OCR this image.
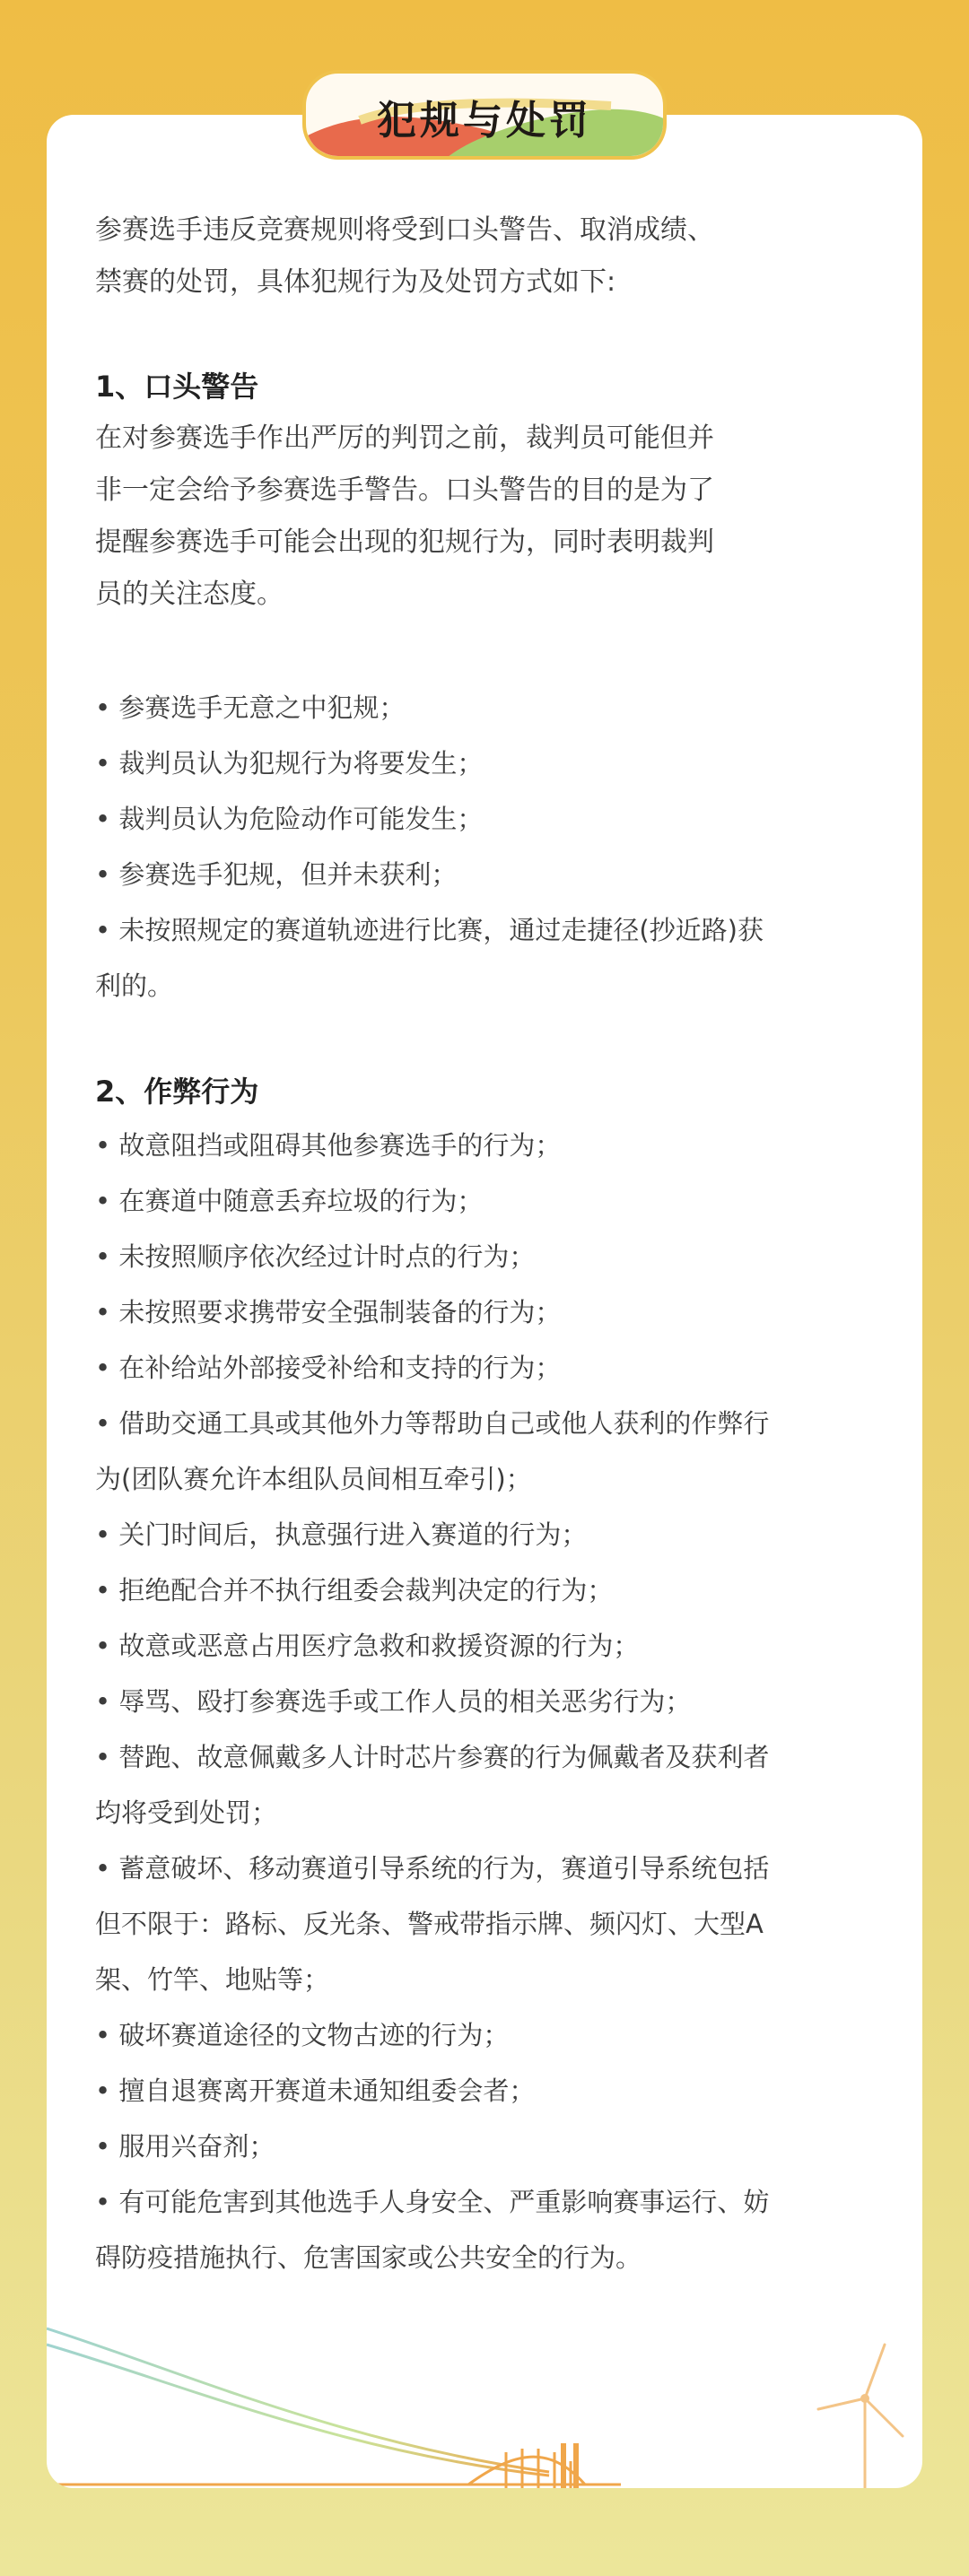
犯规与处罚

参赛选手违反竞赛规则将受到口头警告、取消成绩、

禁赛的处罚，具体犯规行为及处罚方式如下:

1、口头警告

在对参赛选手作出严厉的判罚之前，裁判员可能但并

非一定会给予参赛选手警告。口头警告的目的是为了

提醒参赛选手可能会出现的犯规行为，同时表明裁判

员的关注态度。

• 参赛选手无意之中犯规；
• 裁判员认为犯规行为将要发生；
• 裁判员认为危险动作可能发生；
• 参赛选手犯规，但并未获利；
• 未按照规定的赛道轨迹进行比赛，通过走捷径(抄近路)获
利的。

2、作弊行为

• 故意阻挡或阻碍其他参赛选手的行为；
• 在赛道中随意丢弃垃圾的行为；
• 未按照顺序依次经过计时点的行为；
• 未按照要求携带安全强制装备的行为；
• 在补给站外部接受补给和支持的行为；
• 借助交通工具或其他外力等帮助自己或他人获利的作弊行
为(团队赛允许本组队员间相互牵引)；
• 关门时间后，执意强行进入赛道的行为；
• 拒绝配合并不执行组委会裁判决定的行为；
• 故意或恶意占用医疗急救和救援资源的行为；
• 辱骂、殴打参赛选手或工作人员的相关恶劣行为；
• 替跑、故意佩戴多人计时芯片参赛的行为佩戴者及获利者
均将受到处罚；
• 蓄意破坏、移动赛道引导系统的行为，赛道引导系统包括
但不限于：路标、反光条、警戒带指示牌、频闪灯、大型A
架、竹竿、地贴等；
• 破坏赛道途径的文物古迹的行为；
• 擅自退赛离开赛道未通知组委会者；
• 服用兴奋剂；
• 有可能危害到其他选手人身安全、严重影响赛事运行、妨
碍防疫措施执行、危害国家或公共安全的行为。
